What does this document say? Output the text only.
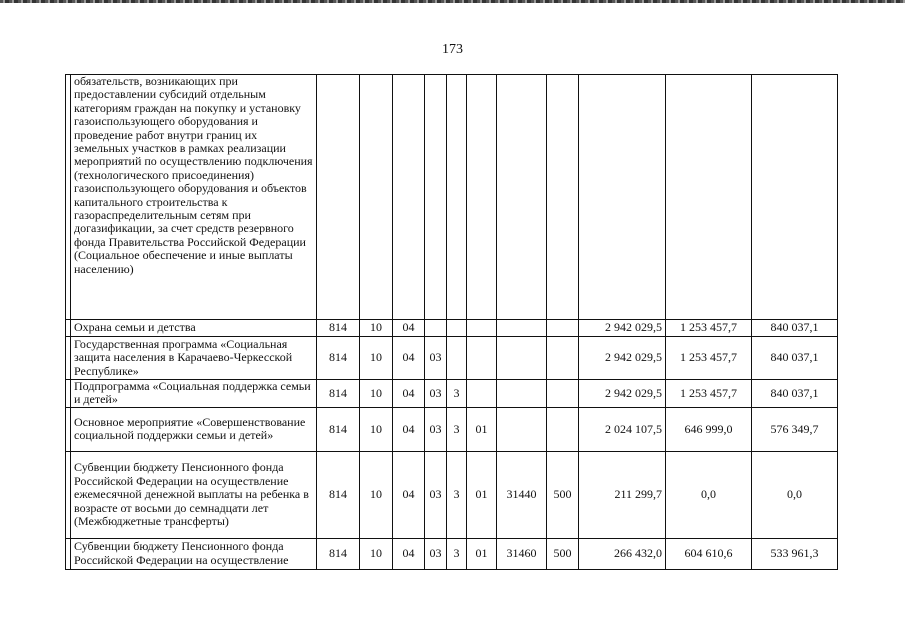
173
	обязательств, возникающих при предоставлении субсидий отдельным категориям граждан на покупку и установку газоиспользующего оборудования и проведение работ внутри границ их земельных участков в рамках реализации мероприятий по осуществлению подключения (технологического присоединения) газоиспользующего оборудования и объектов капитального строительства к газораспределительным сетям при догазификации, за счет средств резервного фонда Правительства Российской Федерации (Социальное обеспечение и иные выплаты населению)											
	Охрана семьи и детства	814	10	04						2 942 029,5	1 253 457,7	840 037,1
	Государственная программа «Социальная защита населения в Карачаево-Черкесской Республике»	814	10	04	03					2 942 029,5	1 253 457,7	840 037,1
	Подпрограмма «Социальная поддержка семьи и детей»	814	10	04	03	3				2 942 029,5	1 253 457,7	840 037,1
	Основное мероприятие «Совершенствование социальной поддержки семьи и детей»	814	10	04	03	3	01			2 024 107,5	646 999,0	576 349,7
	Субвенции бюджету Пенсионного фонда Российской Федерации на осуществление ежемесячной денежной выплаты на ребенка в возрасте от восьми до семнадцати лет (Межбюджетные трансферты)	814	10	04	03	3	01	31440	500	211 299,7	0,0	0,0
	Субвенции бюджету Пенсионного фонда Российской Федерации на осуществление	814	10	04	03	3	01	31460	500	266 432,0	604 610,6	533 961,3
